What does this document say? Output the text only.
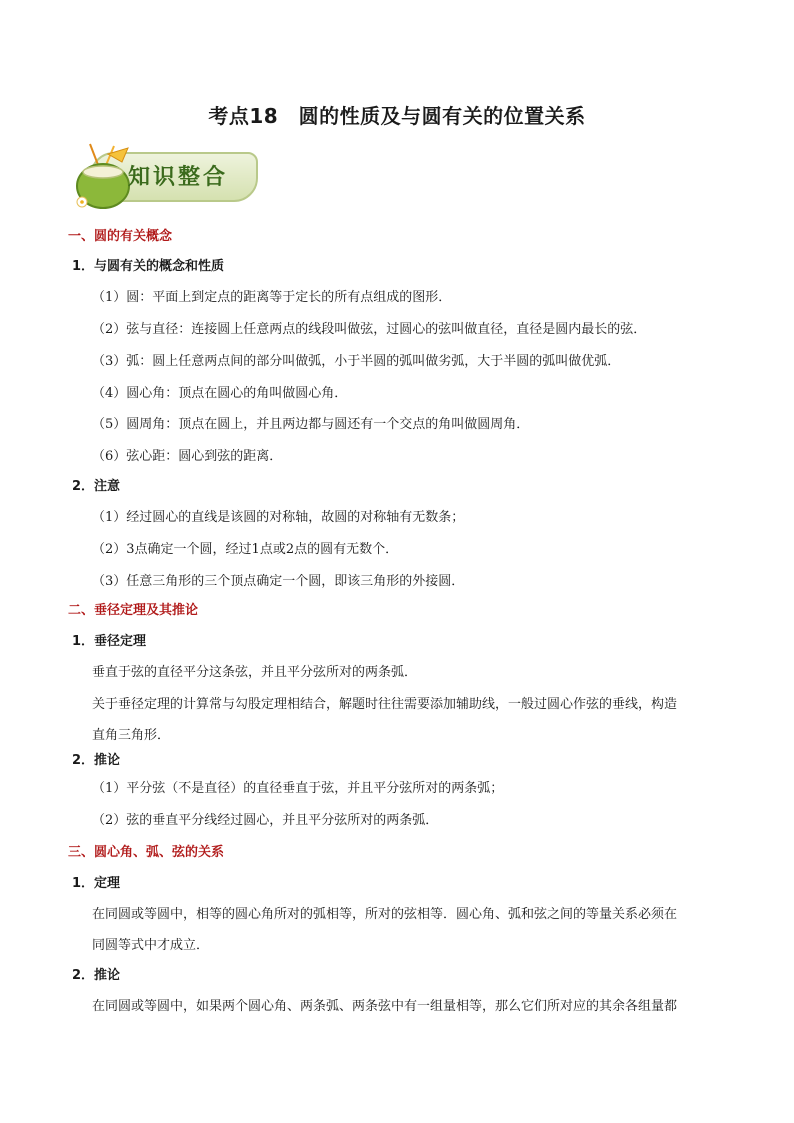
考点18　圆的性质及与圆有关的位置关系
知识整合
一、圆的有关概念
1．与圆有关的概念和性质
（1）圆：平面上到定点的距离等于定长的所有点组成的图形．
（2）弦与直径：连接圆上任意两点的线段叫做弦，过圆心的弦叫做直径，直径是圆内最长的弦．
（3）弧：圆上任意两点间的部分叫做弧，小于半圆的弧叫做劣弧，大于半圆的弧叫做优弧．
（4）圆心角：顶点在圆心的角叫做圆心角．
（5）圆周角：顶点在圆上，并且两边都与圆还有一个交点的角叫做圆周角．
（6）弦心距：圆心到弦的距离．
2．注意
（1）经过圆心的直线是该圆的对称轴，故圆的对称轴有无数条；
（2）3点确定一个圆，经过1点或2点的圆有无数个．
（3）任意三角形的三个顶点确定一个圆，即该三角形的外接圆．
二、垂径定理及其推论
1．垂径定理
垂直于弦的直径平分这条弦，并且平分弦所对的两条弧．
关于垂径定理的计算常与勾股定理相结合，解题时往往需要添加辅助线，一般过圆心作弦的垂线，构造
直角三角形．
2．推论
（1）平分弦（不是直径）的直径垂直于弦，并且平分弦所对的两条弧；
（2）弦的垂直平分线经过圆心，并且平分弦所对的两条弧．
三、圆心角、弧、弦的关系
1．定理
在同圆或等圆中，相等的圆心角所对的弧相等，所对的弦相等．圆心角、弧和弦之间的等量关系必须在
同圆等式中才成立．
2．推论
在同圆或等圆中，如果两个圆心角、两条弧、两条弦中有一组量相等，那么它们所对应的其余各组量都
